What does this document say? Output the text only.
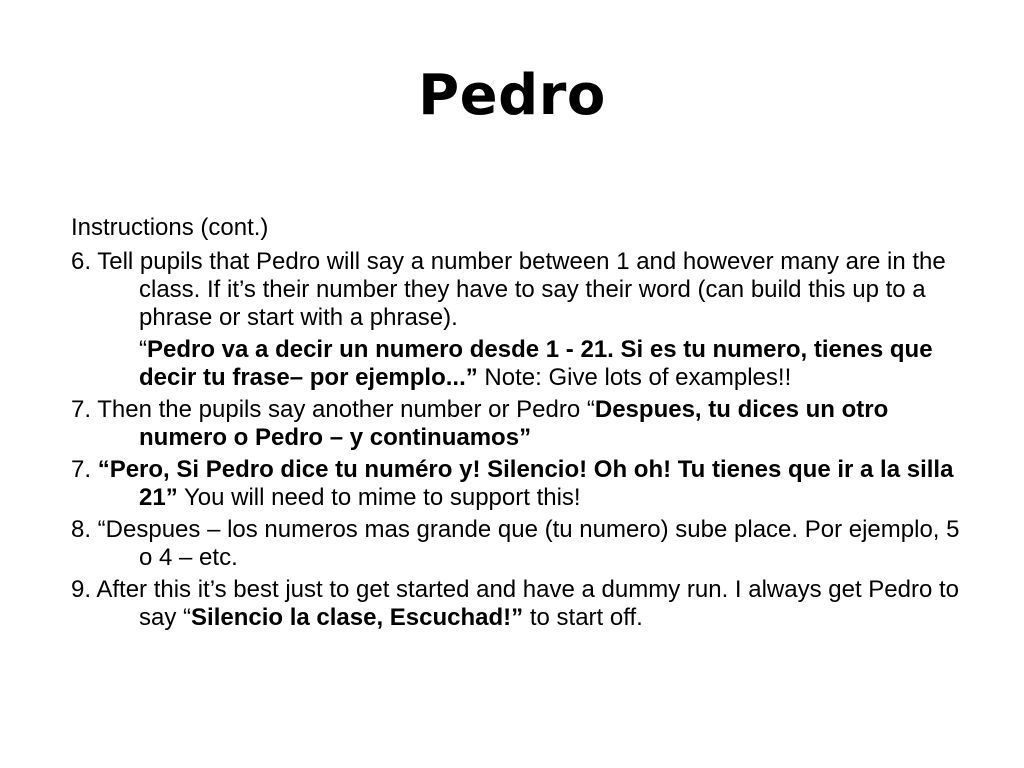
Pedro

Instructions (cont.)

6. Tell pupils that Pedro will say a number between 1 and however many are in the class. If it’s their number they have to say their word (can build this up to a phrase or start with a phrase).

“Pedro va a decir un numero desde 1 - 21. Si es tu numero, tienes que decir tu frase– por ejemplo...” Note: Give lots of examples!!

7. Then the pupils say another number or Pedro “Despues, tu dices un otro numero o Pedro – y continuamos”

7. “Pero, Si Pedro dice tu numéro y! Silencio! Oh oh! Tu tienes que ir a la silla 21” You will need to mime to support this!

8. “Despues – los numeros mas grande que (tu numero) sube place. Por ejemplo, 5 o 4 – etc.

9. After this it’s best just to get started and have a dummy run. I always get Pedro to say “Silencio la clase, Escuchad!” to start off.
